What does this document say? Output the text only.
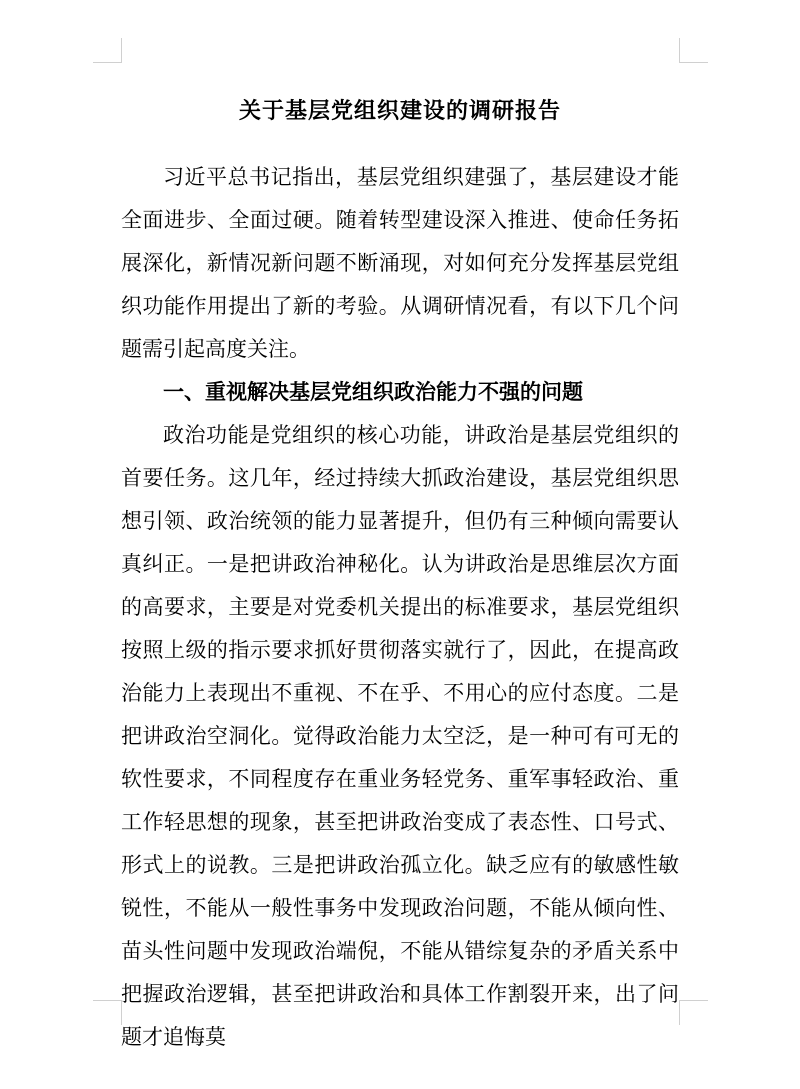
关于基层党组织建设的调研报告

习近平总书记指出，基层党组织建强了，基层建设才能全面进步、全面过硬。随着转型建设深入推进、使命任务拓展深化，新情况新问题不断涌现，对如何充分发挥基层党组织功能作用提出了新的考验。从调研情况看，有以下几个问题需引起高度关注。

一、重视解决基层党组织政治能力不强的问题

政治功能是党组织的核心功能，讲政治是基层党组织的首要任务。这几年，经过持续大抓政治建设，基层党组织思想引领、政治统领的能力显著提升，但仍有三种倾向需要认真纠正。一是把讲政治神秘化。认为讲政治是思维层次方面的高要求，主要是对党委机关提出的标准要求，基层党组织按照上级的指示要求抓好贯彻落实就行了，因此，在提高政治能力上表现出不重视、不在乎、不用心的应付态度。二是把讲政治空洞化。觉得政治能力太空泛，是一种可有可无的软性要求，不同程度存在重业务轻党务、重军事轻政治、重工作轻思想的现象，甚至把讲政治变成了表态性、口号式、形式上的说教。三是把讲政治孤立化。缺乏应有的敏感性敏锐性，不能从一般性事务中发现政治问题，不能从倾向性、苗头性问题中发现政治端倪，不能从错综复杂的矛盾关系中把握政治逻辑，甚至把讲政治和具体工作割裂开来，出了问题才追悔莫
